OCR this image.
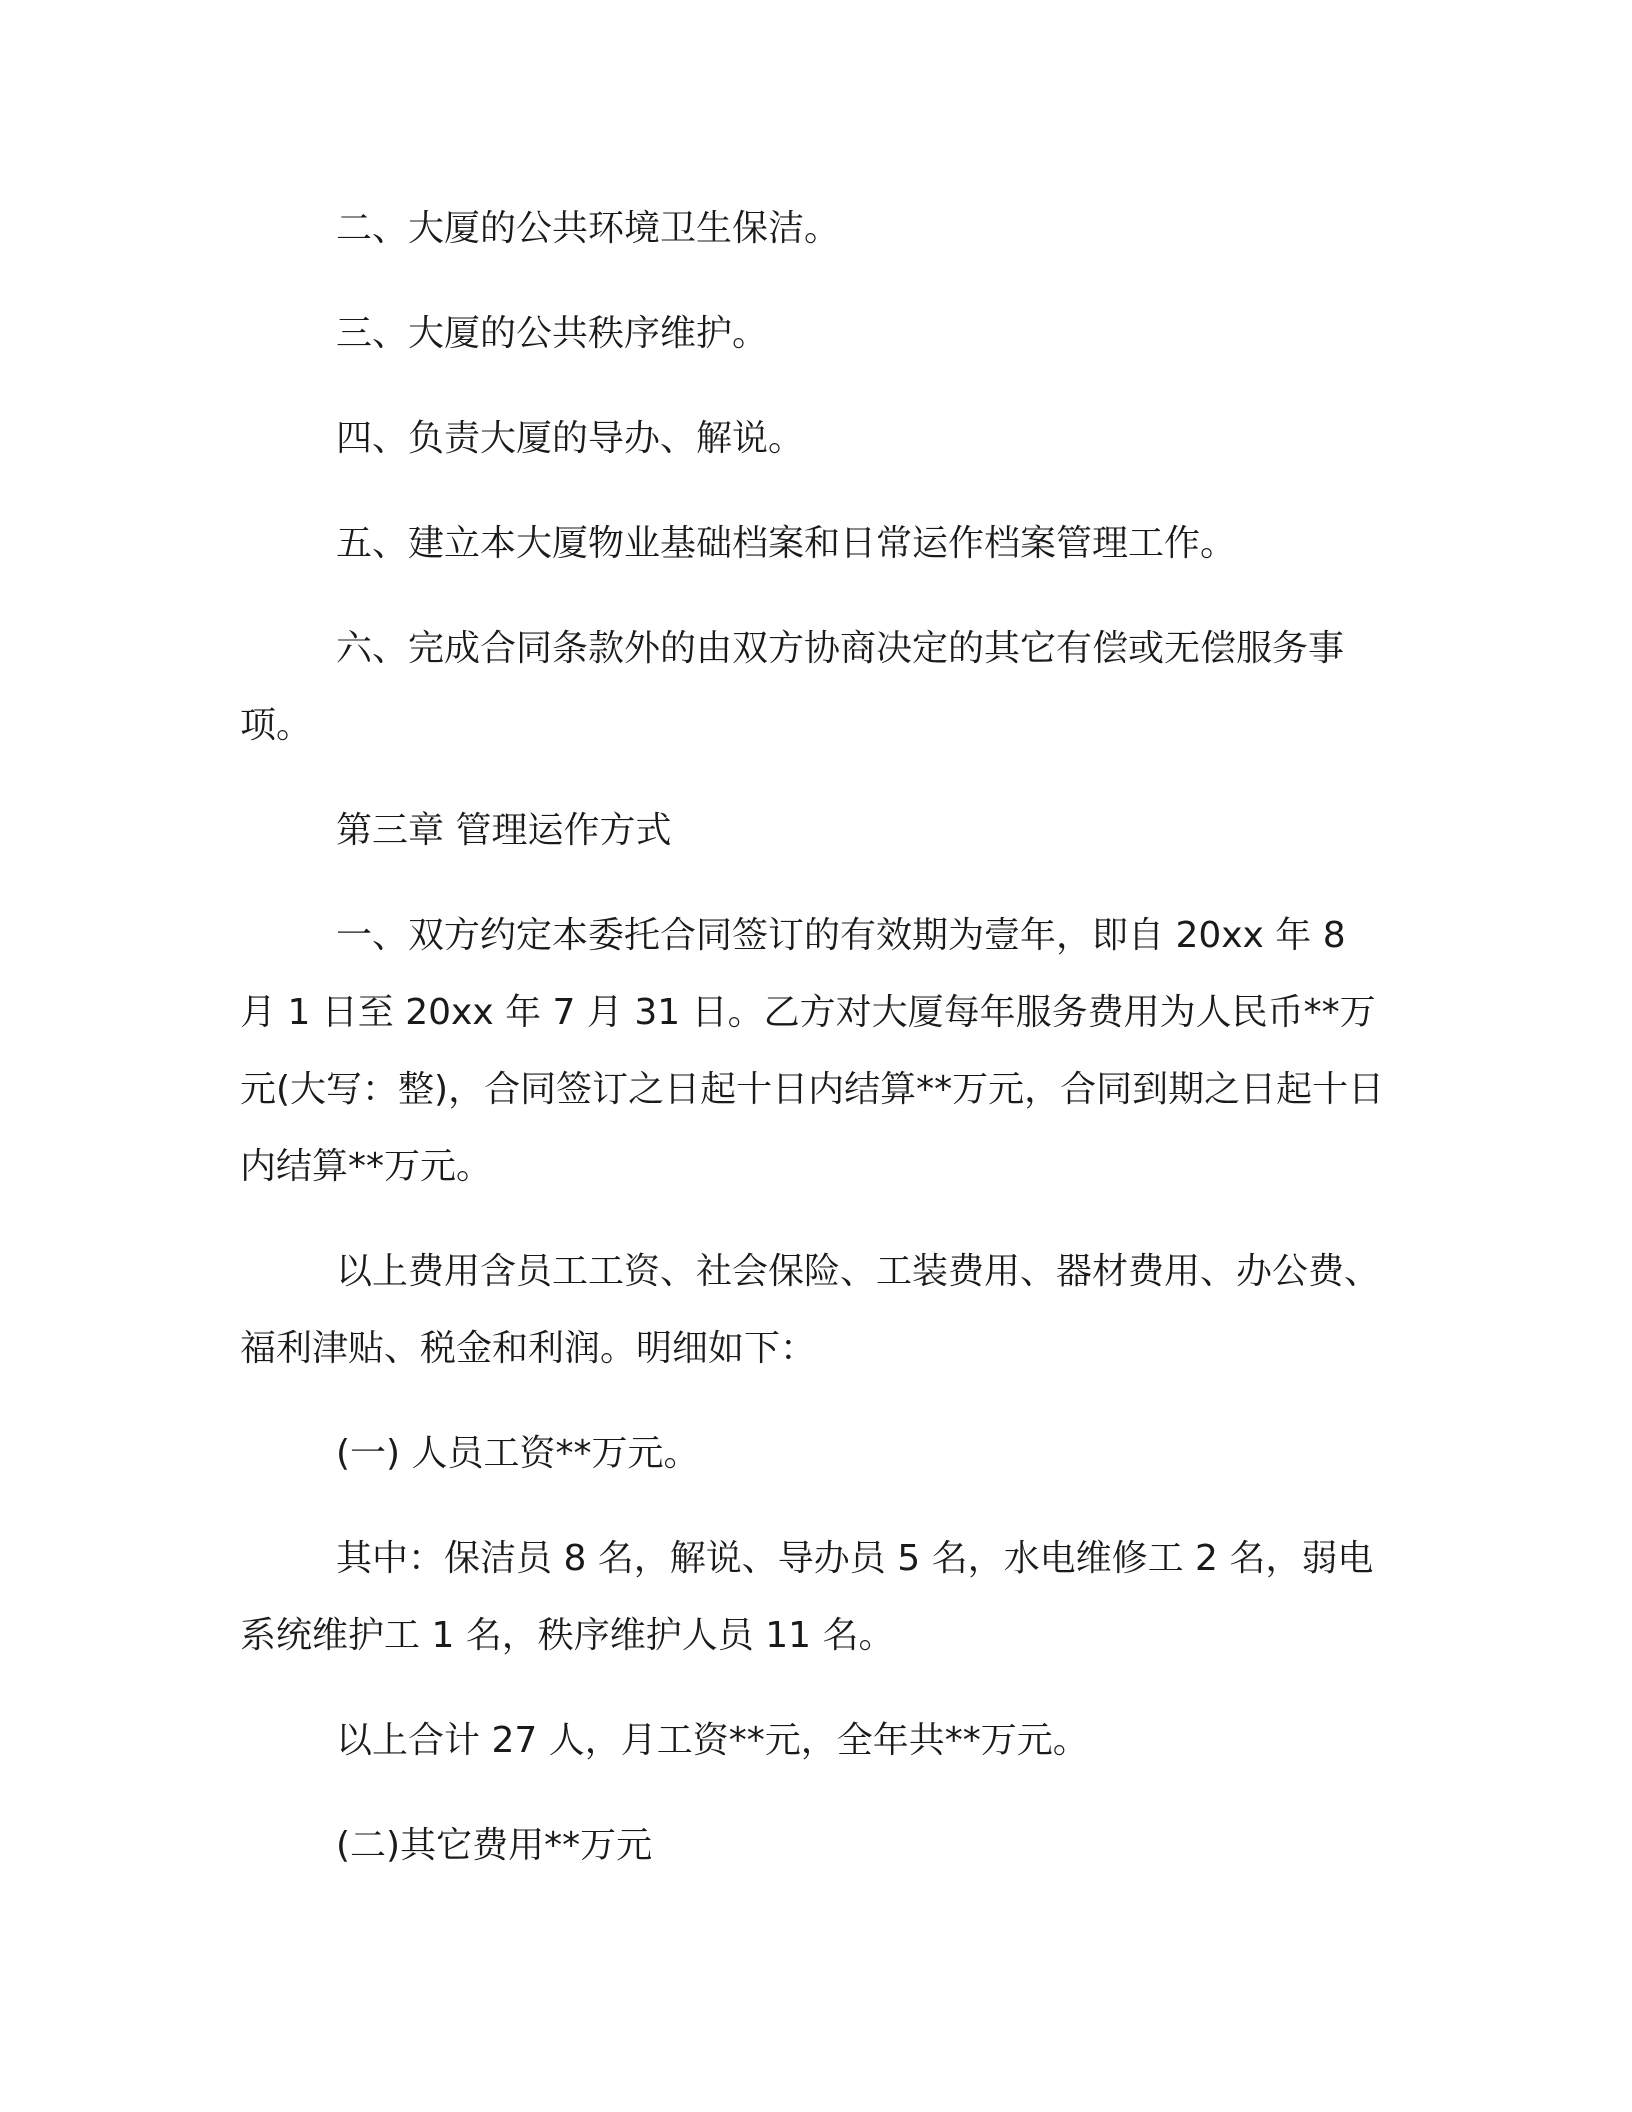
二、大厦的公共环境卫生保洁。

三、大厦的公共秩序维护。

四、负责大厦的导办、解说。

五、建立本大厦物业基础档案和日常运作档案管理工作。

六、完成合同条款外的由双方协商决定的其它有偿或无偿服务事项。

第三章 管理运作方式

一、双方约定本委托合同签订的有效期为壹年，即自 20xx 年 8 月 1 日至 20xx 年 7 月 31 日。乙方对大厦每年服务费用为人民币**万元(大写：整)，合同签订之日起十日内结算**万元，合同到期之日起十日内结算**万元。

以上费用含员工工资、社会保险、工装费用、器材费用、办公费、福利津贴、税金和利润。明细如下：

(一) 人员工资**万元。

其中：保洁员 8 名，解说、导办员 5 名，水电维修工 2 名，弱电系统维护工 1 名，秩序维护人员 11 名。

以上合计 27 人，月工资**元，全年共**万元。

(二)其它费用**万元
